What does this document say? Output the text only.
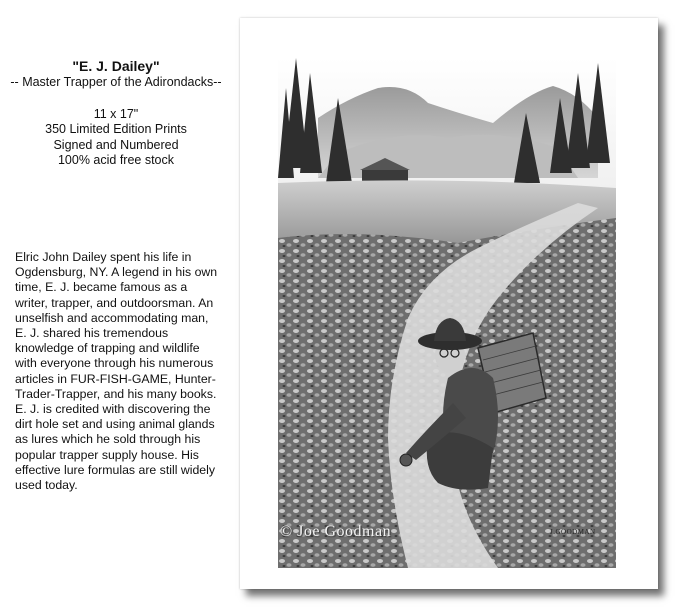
"E. J. Dailey"
-- Master Trapper of the Adirondacks--
11 x 17"
350 Limited Edition Prints
Signed and Numbered
100% acid free stock
Elric John Dailey spent his life in Ogdensburg, NY. A legend in his own time, E. J. became famous as a writer, trapper, and outdoorsman. An unselfish and accommodating man, E. J. shared his tremendous knowledge of trapping and wildlife with everyone through his numerous articles in FUR-FISH-GAME, Hunter-Trader-Trapper, and his many books. E. J. is credited with discovering the dirt hole set and using animal glands as lures which he sold through his popular trapper supply house. His effective lure formulas are still widely used today.
© Joe Goodman	J.GOODMAN
